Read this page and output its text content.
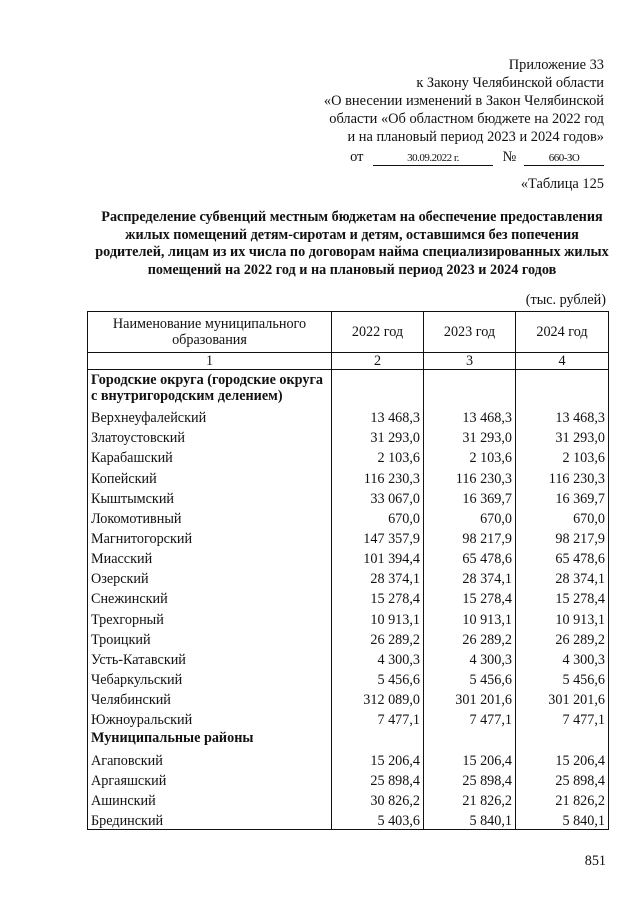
Приложение 33
к Закону Челябинской области
«О внесении изменений в Закон Челябинской
области «Об областном бюджете на 2022 год
и на плановый период 2023 и 2024 годов»
от	30.09.2022 г.	№	660-ЗО
«Таблица 125
Распределение субвенций местным бюджетам на обеспечение предоставления жилых помещений детям-сиротам и детям, оставшимся без попечения родителей, лицам из их числа по договорам найма специализированных жилых помещений на 2022 год и на плановый период 2023 и 2024 годов
(тыс. рублей)
Наименование муниципального образования	2022 год	2023 год	2024 год
1	2	3	4
Городские округа (городские округа с внутригородским делением)			
Верхнеуфалейский	13 468,3	13 468,3	13 468,3
Златоустовский	31 293,0	31 293,0	31 293,0
Карабашский	2 103,6	2 103,6	2 103,6
Копейский	116 230,3	116 230,3	116 230,3
Кыштымский	33 067,0	16 369,7	16 369,7
Локомотивный	670,0	670,0	670,0
Магнитогорский	147 357,9	98 217,9	98 217,9
Миасский	101 394,4	65 478,6	65 478,6
Озерский	28 374,1	28 374,1	28 374,1
Снежинский	15 278,4	15 278,4	15 278,4
Трехгорный	10 913,1	10 913,1	10 913,1
Троицкий	26 289,2	26 289,2	26 289,2
Усть-Катавский	4 300,3	4 300,3	4 300,3
Чебаркульский	5 456,6	5 456,6	5 456,6
Челябинский	312 089,0	301 201,6	301 201,6
Южноуральский	7 477,1	7 477,1	7 477,1
Муниципальные районы			
Агаповский	15 206,4	15 206,4	15 206,4
Аргаяшский	25 898,4	25 898,4	25 898,4
Ашинский	30 826,2	21 826,2	21 826,2
Брединский	5 403,6	5 840,1	5 840,1
851
